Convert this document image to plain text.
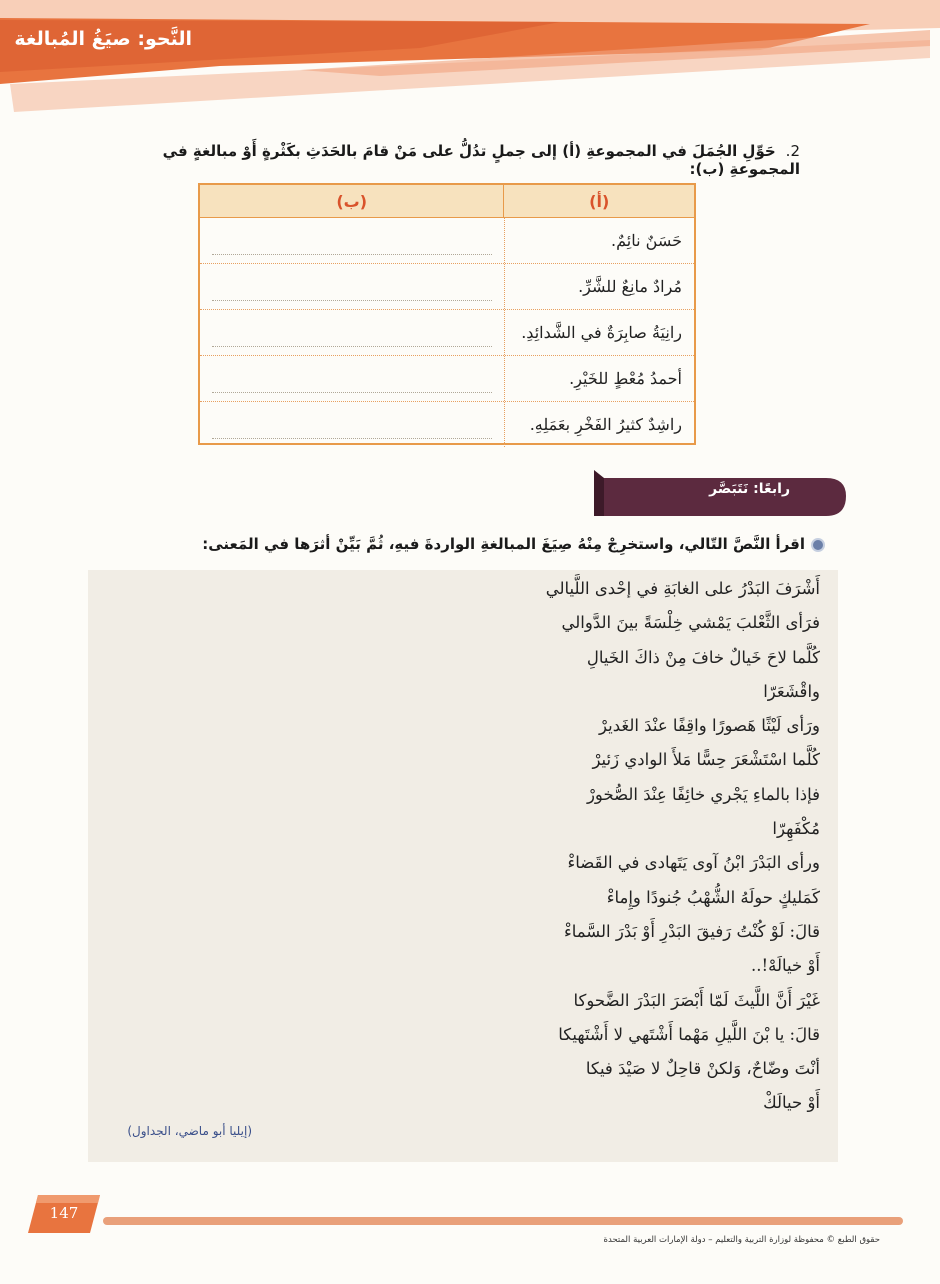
النَّحو: صيَغُ المُبالغة
2.حَوِّلِ الجُمَلَ في المجموعةِ (أ) إلى جملٍ تدُلُّ على مَنْ قامَ بالحَدَثِ بكَثْرةٍ أَوْ مبالغةٍ في المجموعةِ (ب):
(أ)
(ب)
حَسَنٌ نائِمٌ.
مُرادٌ مانِعٌ للشَّرِّ.
رانِيَةُ صابِرَةٌ في الشَّدائِدِ.
أحمدُ مُعْطٍ للخَيْرِ.
راشِدٌ كثيرُ الفَخْرِ بعَمَلِهِ.
رابعًا: نَتَبَصَّر
اقرأ النَّصَّ التّالي، واستخرِجْ مِنْهُ صِيَغَ المبالغةِ الواردةَ فيهِ، ثُمَّ بَيِّنْ أثرَها في المَعنى:
أَشْرَفَ البَدْرُ على الغابَةِ في إحْدى اللَّيالي
فرَأى الثَّعْلبَ يَمْشي خِلْسَةً بينَ الدَّوالي
كُلَّما لاحَ خَيالٌ خافَ مِنْ ذاكَ الخَيالِ
واقْشَعَرّا
ورَأى لَيْثًا هَصورًا واقِفًا عنْدَ الغَديرْ
كُلَّما اسْتَشْعَرَ حِسًّا مَلأَ الوادي زَئيرْ
فإذا بالماءِ يَجْري خائِفًا عِنْدَ الصُّخورْ
مُكْفَهِرّا
ورأى البَدْرَ ابْنُ آوى يَتَهادى في القَضاءْ
كَمَليكٍ حولَهُ الشُّهْبُ جُنودًا وإِماءْ
قالَ: لَوْ كُنْتُ رَفيقَ البَدْرِ أَوْ بَدْرَ السَّماءْ
أَوْ خيالَهْ!..
غَيْرَ أَنَّ اللَّيثَ لَمّا أَبْصَرَ البَدْرَ الضَّحوكا
قالَ: يا بْنَ اللَّيلِ مَهْما أَشْتَهي لا أَشْتَهيكا
أنْتَ وضّاحٌ، وَلكنْ قاحِلٌ لا صَيْدَ فيكا
أَوْ حيالَكْ
(إيليا أبو ماضي، الجداول)
147
حقوق الطبع © محفوظة لوزارة التربية والتعليم – دولة الإمارات العربية المتحدة
